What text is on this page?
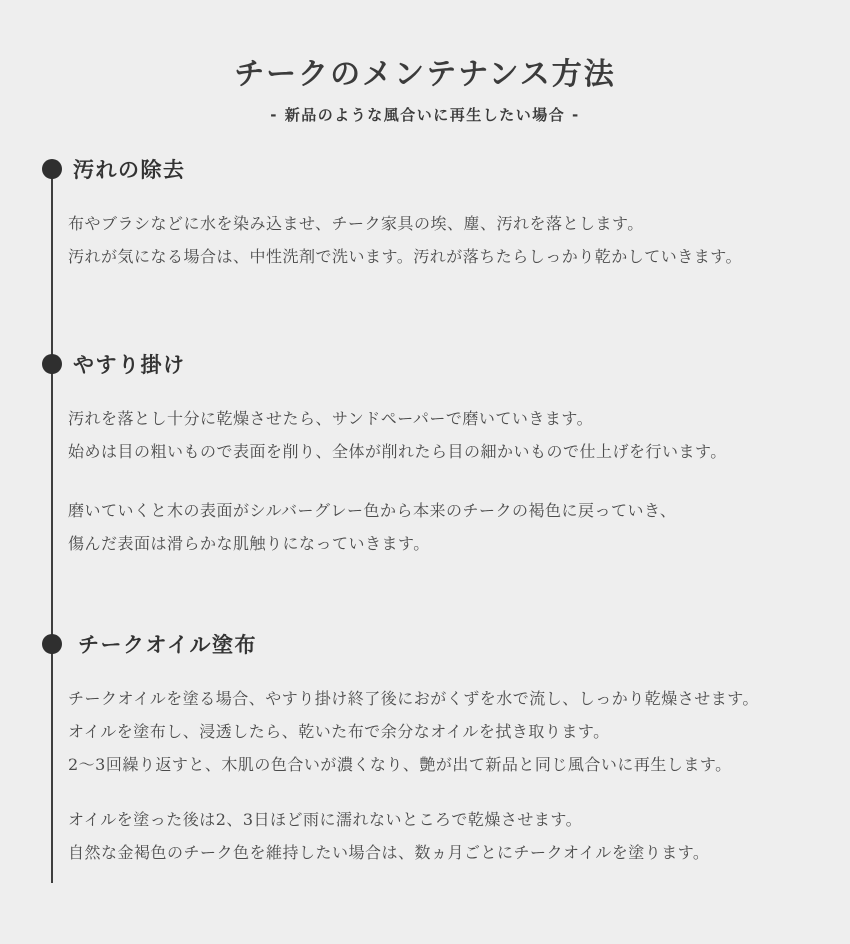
チークのメンテナンス方法
- 新品のような風合いに再生したい場合 -
汚れの除去
布やブラシなどに水を染み込ませ、チーク家具の埃、塵、汚れを落とします。
汚れが気になる場合は、中性洗剤で洗います。汚れが落ちたらしっかり乾かしていきます。
やすり掛け
汚れを落とし十分に乾燥させたら、サンドペーパーで磨いていきます。
始めは目の粗いもので表面を削り、全体が削れたら目の細かいもので仕上げを行います。
磨いていくと木の表面がシルバーグレー色から本来のチークの褐色に戻っていき、
傷んだ表面は滑らかな肌触りになっていきます。
チークオイル塗布
チークオイルを塗る場合、やすり掛け終了後におがくずを水で流し、しっかり乾燥させます。
オイルを塗布し、浸透したら、乾いた布で余分なオイルを拭き取ります。
2〜3回繰り返すと、木肌の色合いが濃くなり、艶が出て新品と同じ風合いに再生します。
オイルを塗った後は2、3日ほど雨に濡れないところで乾燥させます。
自然な金褐色のチーク色を維持したい場合は、数ヵ月ごとにチークオイルを塗ります。
